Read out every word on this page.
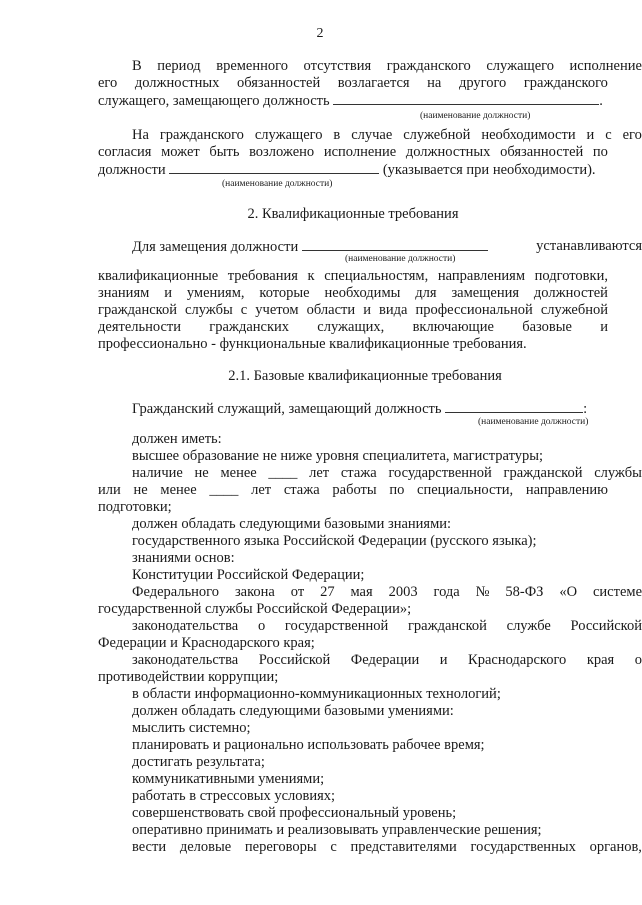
2
В период временного отсутствия гражданского служащего исполнение
его должностных обязанностей возлагается на другого гражданского
служащего, замещающего должность	.
(наименование должности)
На гражданского служащего в случае служебной необходимости и с его
согласия может быть возложено исполнение должностных обязанностей по
должности	(указывается при необходимости).
(наименование должности)
2. Квалификационные требования
Для замещения должности	устанавливаются
(наименование должности)
квалификационные требования к специальностям, направлениям подготовки,
знаниям и умениям, которые необходимы для замещения должностей
гражданской службы с учетом области и вида профессиональной служебной
деятельности гражданских служащих, включающие базовые и
профессионально - функциональные квалификационные требования.
2.1. Базовые квалификационные требования
Гражданский служащий, замещающий должность	:
(наименование должности)
должен иметь:
высшее образование не ниже уровня специалитета, магистратуры;
наличие не менее ____ лет стажа государственной гражданской службы
или не менее ____ лет стажа работы по специальности, направлению
подготовки;
должен обладать следующими базовыми знаниями:
государственного языка Российской Федерации (русского языка);
знаниями основ:
Конституции Российской Федерации;
Федерального закона от 27 мая 2003 года № 58-ФЗ «О системе
государственной службы Российской Федерации»;
законодательства о государственной гражданской службе Российской
Федерации и Краснодарского края;
законодательства Российской Федерации и Краснодарского края о
противодействии коррупции;
в области информационно-коммуникационных технологий;
должен обладать следующими базовыми умениями:
мыслить системно;
планировать и рационально использовать рабочее время;
достигать результата;
коммуникативными умениями;
работать в стрессовых условиях;
совершенствовать свой профессиональный уровень;
оперативно принимать и реализовывать управленческие решения;
вести деловые переговоры с представителями государственных органов,
